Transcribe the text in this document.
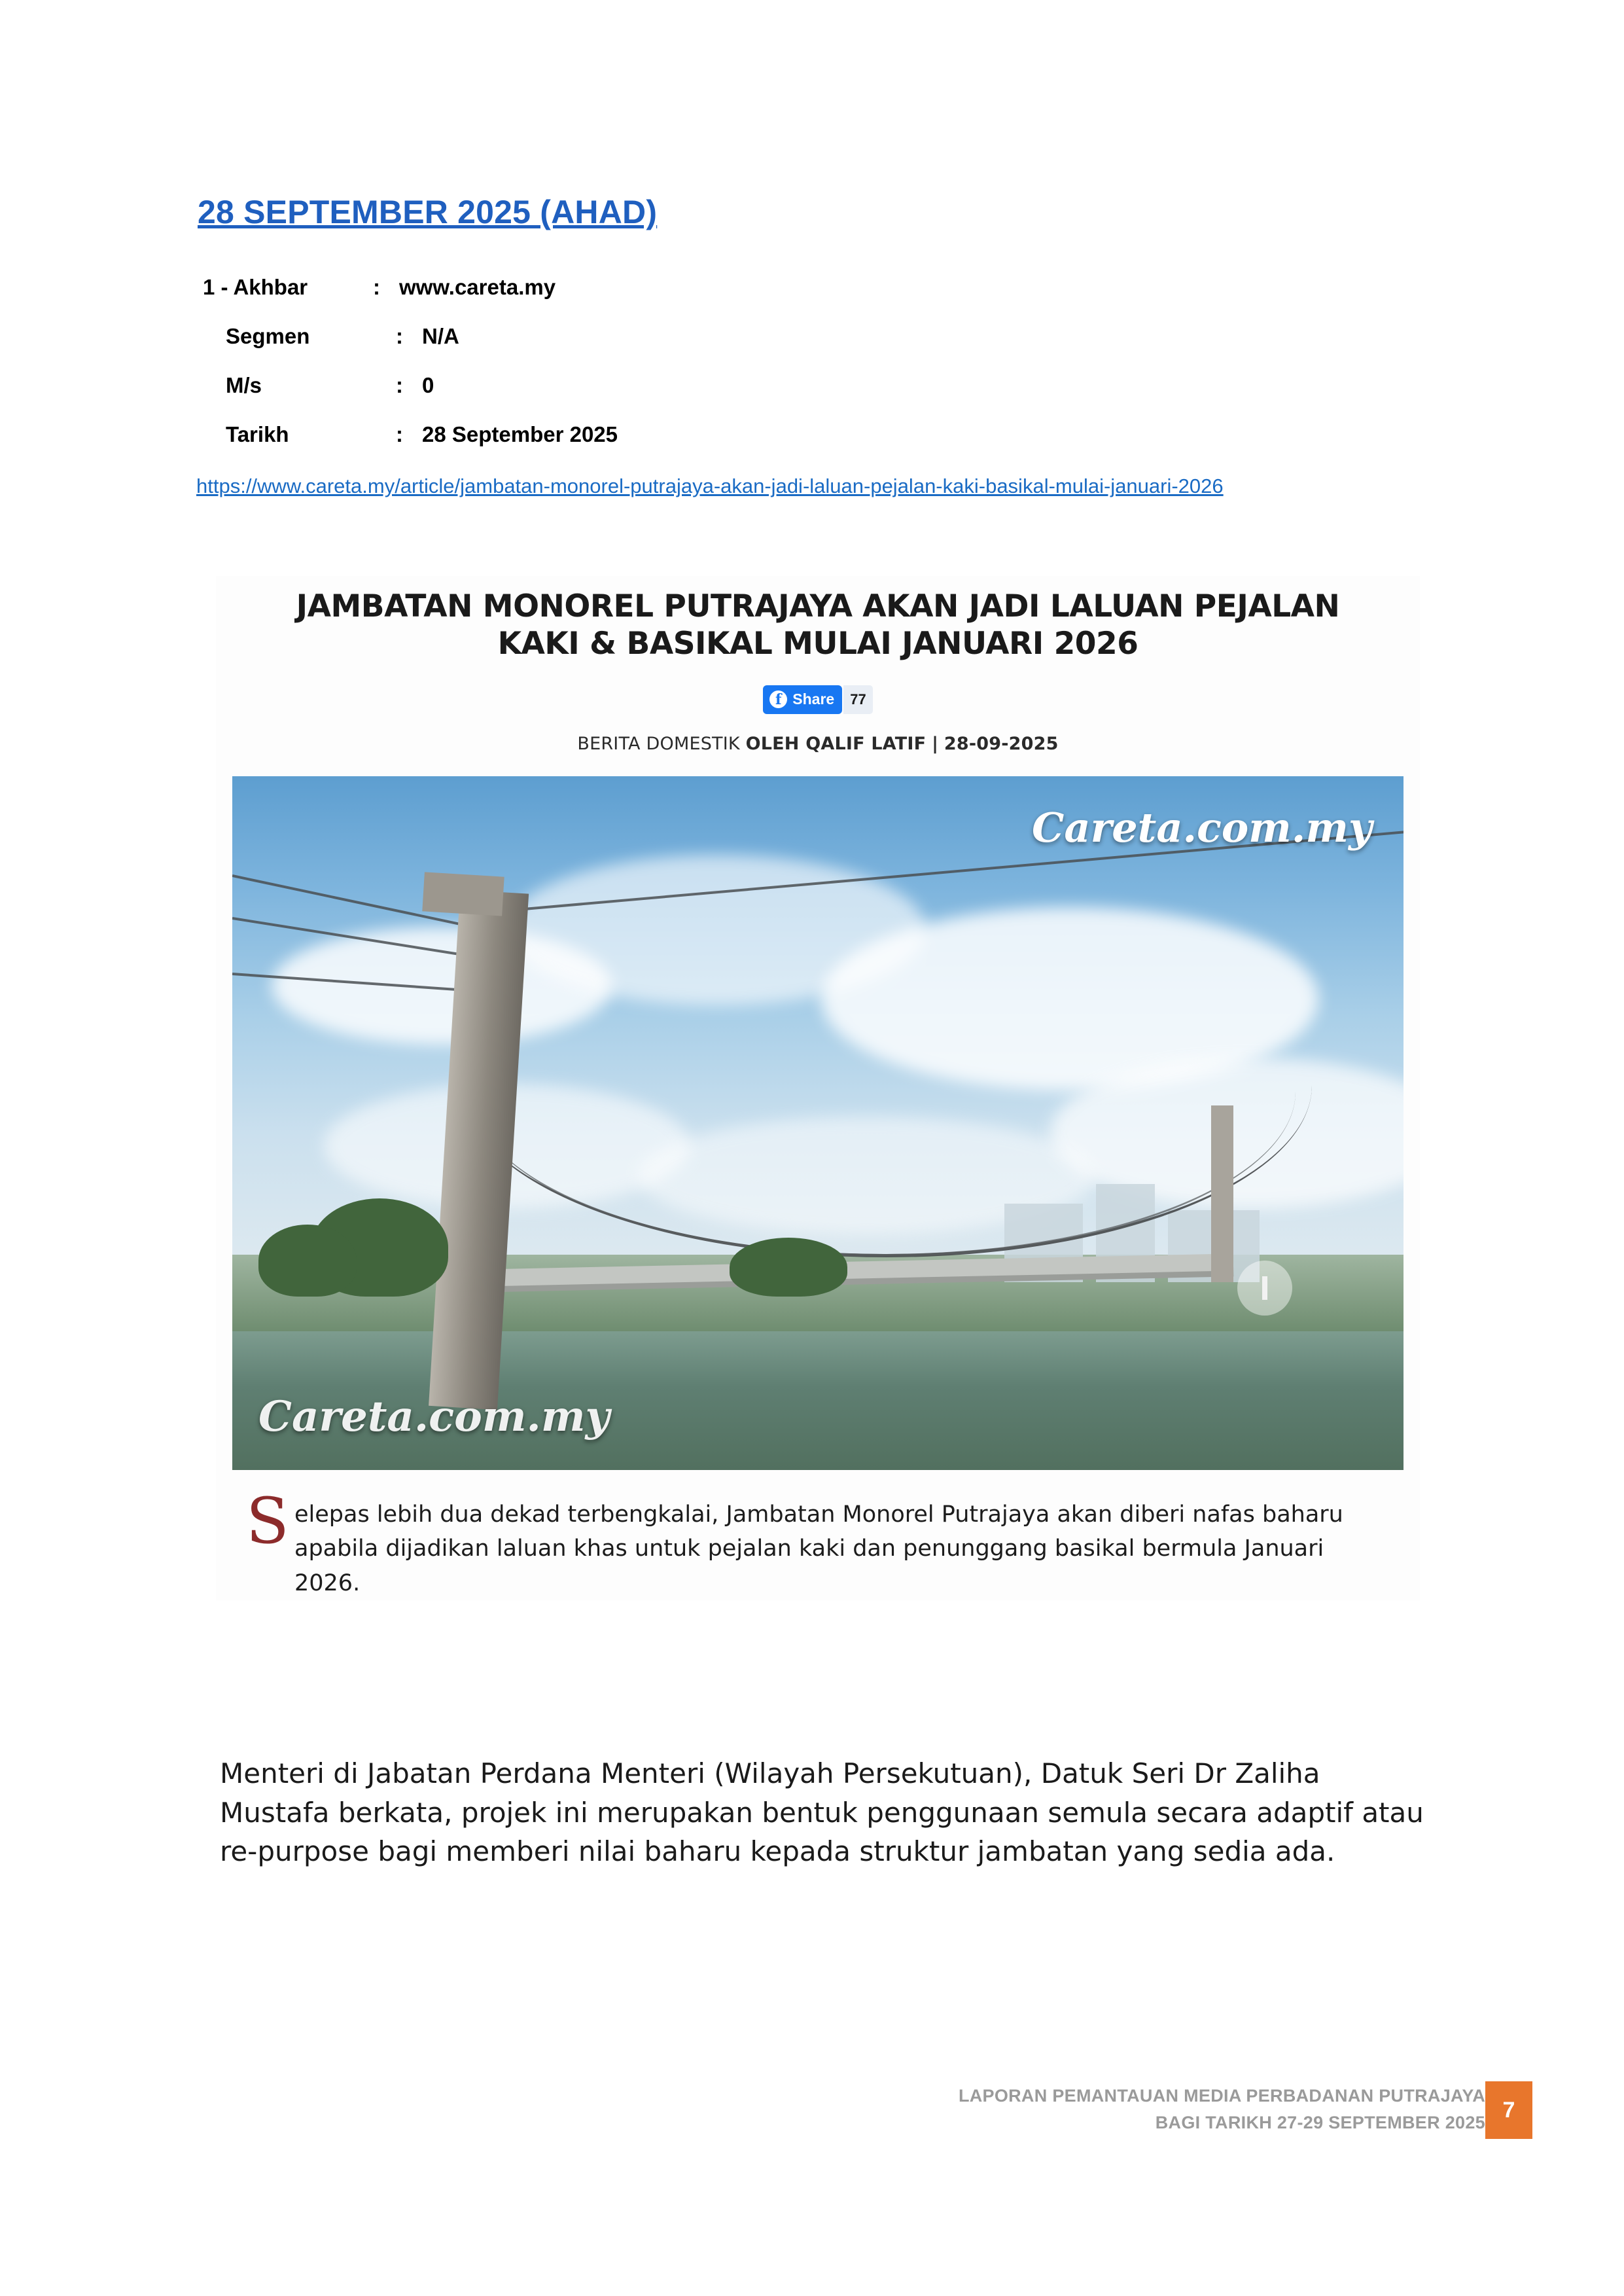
28 SEPTEMBER 2025 (AHAD)
1 - Akhbar	: www.careta.my
Segmen	: N/A
M/s	: 0
Tarikh	: 28 September 2025
https://www.careta.my/article/jambatan-monorel-putrajaya-akan-jadi-laluan-pejalan-kaki-basikal-mulai-januari-2026
JAMBATAN MONOREL PUTRAJAYA AKAN JADI LALUAN PEJALAN KAKI & BASIKAL MULAI JANUARI 2026
f Share	77
BERITA DOMESTIK OLEH QALIF LATIF | 28-09-2025
Careta.com.my
Careta.com.my
S elepas lebih dua dekad terbengkalai, Jambatan Monorel Putrajaya akan diberi nafas baharu apabila dijadikan laluan khas untuk pejalan kaki dan penunggang basikal bermula Januari 2026.
Menteri di Jabatan Perdana Menteri (Wilayah Persekutuan), Datuk Seri Dr Zaliha Mustafa berkata, projek ini merupakan bentuk penggunaan semula secara adaptif atau re-purpose bagi memberi nilai baharu kepada struktur jambatan yang sedia ada.
LAPORAN PEMANTAUAN MEDIA PERBADANAN PUTRAJAYA
BAGI TARIKH 27-29 SEPTEMBER 2025 7
